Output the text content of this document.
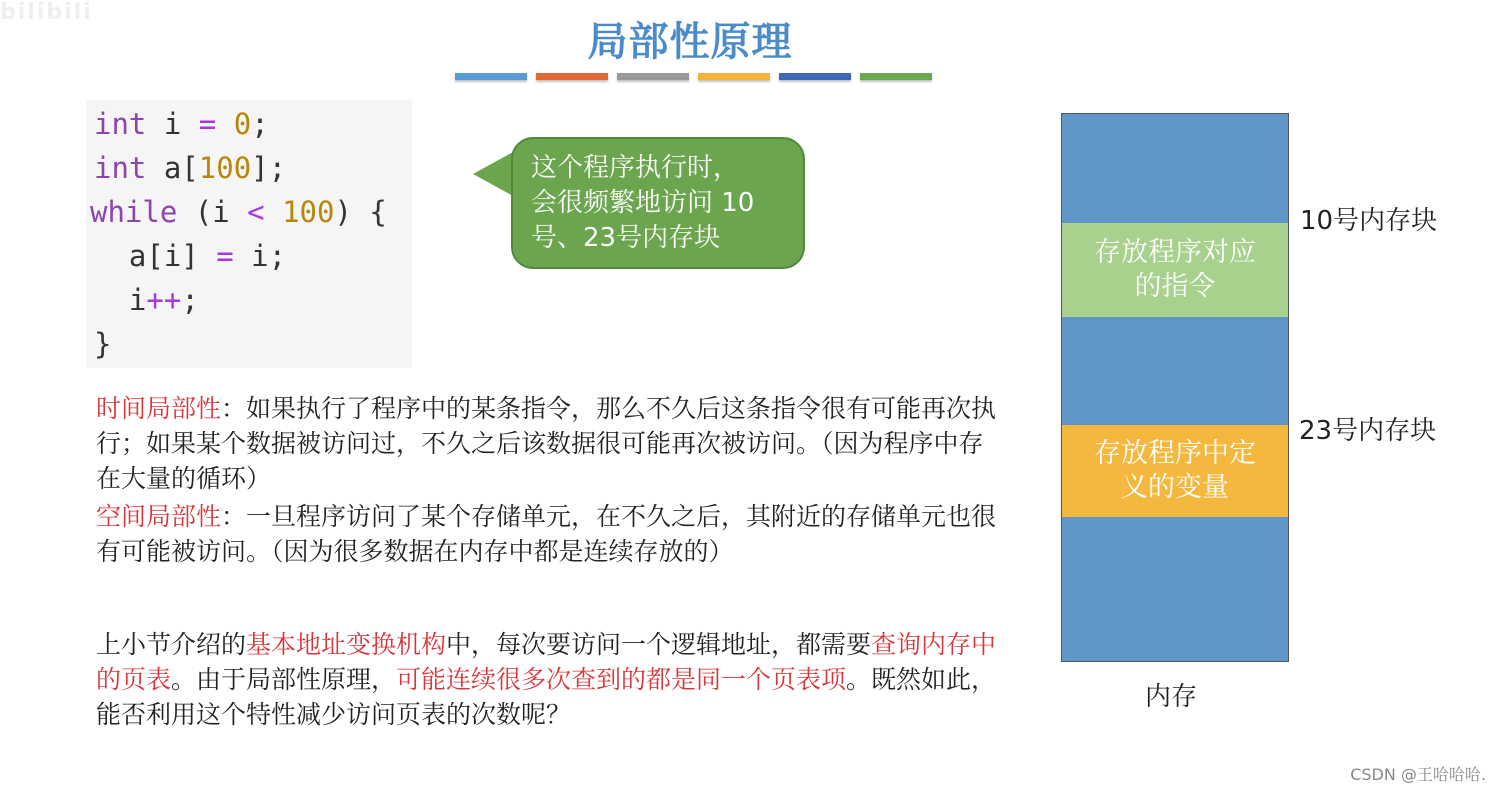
bilibili
局部性原理
int i = 0;
int a[100];
while (i < 100) {
a[i] = i;
i++;
}
这个程序执行时，
会很频繁地访问 10
号、23号内存块
时间局部性：如果执行了程序中的某条指令，那么不久后这条指令很有可能再次执行；如果某个数据被访问过，不久之后该数据很可能再次被访问。（因为程序中存在大量的循环）
空间局部性：一旦程序访问了某个存储单元，在不久之后，其附近的存储单元也很有可能被访问。（因为很多数据在内存中都是连续存放的）
上小节介绍的基本地址变换机构中，每次要访问一个逻辑地址，都需要查询内存中的页表。由于局部性原理，可能连续很多次查到的都是同一个页表项。既然如此，能否利用这个特性减少访问页表的次数呢？
存放程序对应
的指令
存放程序中定
义的变量
10号内存块
23号内存块
内存
CSDN @王哈哈哈.
